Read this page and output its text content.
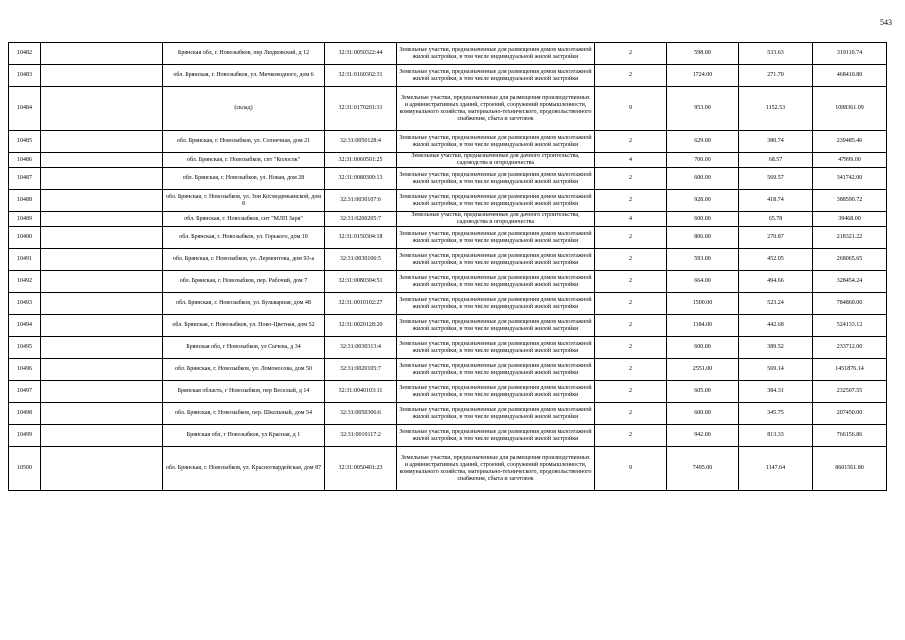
543
10482		Брянская обл, г. Новозыбков, пер Людковский, д 12	32:31:0050322:44	Земельные участки, предназначенные для размещения домов малоэтажной жилой застройки, в том числе индивидуальной жилой застройки	2	598.00	533.63	319110.74
10483		обл. Брянская, г. Новозыбков, ул. Мичководного, дом 6	32:31:0160302:31	Земельные участки, предназначенные для размещения домов малоэтажной жилой застройки, в том числе индивидуальной жилой застройки	2	1724.00	271.70	468410.80
10484		(склад)	32:31:0170201:31	Земельные участки, предназначенные для размещения производственных и административных зданий, строений, сооружений промышленности, коммунального хозяйства, материально-технического, продовольственного снабжения, сбыта и заготовок	9	953.00	1152.53	1098361.09
10485		обл. Брянская, г. Новозыбков, ул. Солнечная, дом 21	32:31:0050128:4	Земельные участки, предназначенные для размещения домов малоэтажной жилой застройки, в том числе индивидуальной жилой застройки	2	629.00	380.74	239485.46
10486		обл. Брянская, г. Новозыбков, снт "Колосок"	32:31:0060501:25	Земельные участки, предназначенные для дачного строительства, садоводства и огородничества	4	700.00	68.57	47999.00
10487		обл. Брянская, г. Новозыбков, ул. Новая, дом 28	32:31:0080309:13	Земельные участки, предназначенные для размещения домов малоэтажной жилой застройки, в том числе индивидуальной жилой застройки	2	600.00	569.57	341742.00
10488		обл. Брянская, г. Новозыбков, ул. Зои Космодемьянской, дом 8	32:31:0030107:6	Земельные участки, предназначенные для размещения домов малоэтажной жилой застройки, в том числе индивидуальной жилой застройки	2	928.00	418.74	388590.72
10489		обл. Брянская, г. Новозыбков, снт "МЛП Заря"	32:31:0200205:7	Земельные участки, предназначенные для дачного строительства, садоводства и огородничества	4	600.00	65.78	39468.00
10490		обл. Брянская, г. Новозыбков, ул. Горького, дом 10	32:31:0150304:18	Земельные участки, предназначенные для размещения домов малоэтажной жилой застройки, в том числе индивидуальной жилой застройки	2	806.00	270.87	218321.22
10491		обл. Брянская, г. Новозыбков, ул. Лермонтова, дом 93-а	32:31:0030106:5	Земельные участки, предназначенные для размещения домов малоэтажной жилой застройки, в том числе индивидуальной жилой застройки	2	593.00	452.05	268065.65
10492		обл. Брянская, г. Новозыбков, пер. Рабочий, дом 7	32:31:0080304:51	Земельные участки, предназначенные для размещения домов малоэтажной жилой застройки, в том числе индивидуальной жилой застройки	2	664.00	494.66	328454.24
10493		обл. Брянская, г. Новозыбков, ул. Бульварная, дом 48	32:31:0010102:27	Земельные участки, предназначенные для размещения домов малоэтажной жилой застройки, в том числе индивидуальной жилой застройки	2	1500.00	523.24	784860.00
10494		обл. Брянская, г. Новозыбков, ул. Ново-Цветная, дом 52	32:31:0020128:20	Земельные участки, предназначенные для размещения домов малоэтажной жилой застройки, в том числе индивидуальной жилой застройки	2	1184.00	442.68	524133.12
10495		Брянская обл, г Новозыбков, ул Сычева, д 34	32:31:0030313:4	Земельные участки, предназначенные для размещения домов малоэтажной жилой застройки, в том числе индивидуальной жилой застройки	2	600.00	389.52	233712.00
10496		обл. Брянская, г. Новозыбков, ул. Ломоносова, дом 50	32:31:0020105:7	Земельные участки, предназначенные для размещения домов малоэтажной жилой застройки, в том числе индивидуальной жилой застройки	2	2551.00	569.14	1451876.14
10497		Брянская область, г Новозыбков, пер Веселый, д 14	32:31:0040103:11	Земельные участки, предназначенные для размещения домов малоэтажной жилой застройки, в том числе индивидуальной жилой застройки	2	605.00	384.31	232507.55
10498		обл. Брянская, г. Новозыбков, пер. Школьный, дом 54	32:31:0050306:6	Земельные участки, предназначенные для размещения домов малоэтажной жилой застройки, в том числе индивидуальной жилой застройки	2	600.00	345.75	207450.00
10499		Брянская обл, г Новозыбков, ул Красная, д 1	32:31:0010117:2	Земельные участки, предназначенные для размещения домов малоэтажной жилой застройки, в том числе индивидуальной жилой застройки	2	942.00	813.33	766156.86
10500		обл. Брянская, г. Новозыбков, ул. Красногвардейская, дом 87	32:31:0050401:23	Земельные участки, предназначенные для размещения производственных и административных зданий, строений, сооружений промышленности, коммунального хозяйства, материально-технического, продовольственного снабжения, сбыта и заготовок	9	7495.00	1147.64	8601561.80
